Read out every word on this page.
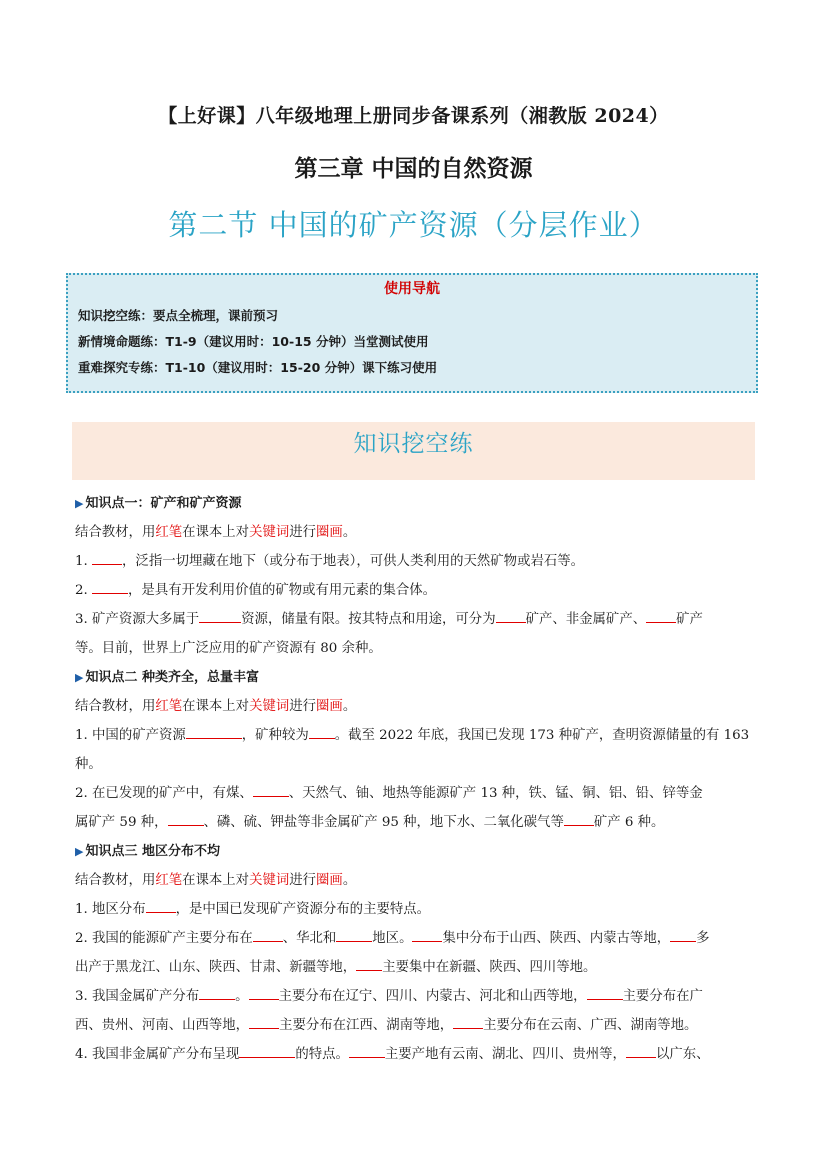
【上好课】八年级地理上册同步备课系列（湘教版 2024）
第三章 中国的自然资源
第二节 中国的矿产资源（分层作业）
使用导航
知识挖空练：要点全梳理，课前预习
新情境命题练：T1-9（建议用时：10-15 分钟）当堂测试使用
重难探究专练：T1-10（建议用时：15-20 分钟）课下练习使用
知识挖空练

▶ 知识点一：矿产和矿产资源

结合教材，用红笔在课本上对关键词进行圈画。

1.	，泛指一切埋藏在地下（或分布于地表），可供人类利用的天然矿物或岩石等。

2.	，是具有开发利用价值的矿物或有用元素的集合体。

3. 矿产资源大多属于	资源，储量有限。按其特点和用途，可分为 矿产、非金属矿产、 矿产

等。目前，世界上广泛应用的矿产资源有 80 余种。

▶ 知识点二 种类齐全，总量丰富

结合教材，用红笔在课本上对关键词进行圈画。

1. 中国的矿产资源	，矿种较为 。截至 2022 年底，我国已发现 173 种矿产，查明资源储量的有 163

种。

2. 在已发现的矿产中，有煤、	、天然气、铀、地热等能源矿产 13 种，铁、锰、铜、铝、铅、锌等金

属矿产 59 种，	、磷、硫、钾盐等非金属矿产 95 种，地下水、二氧化碳气等 矿产 6 种。

▶ 知识点三 地区分布不均

结合教材，用红笔在课本上对关键词进行圈画。

1. 地区分布 ，是中国已发现矿产资源分布的主要特点。

2. 我国的能源矿产主要分布在 、华北和	地区。 集中分布于山西、陕西、内蒙古等地， 多

出产于黑龙江、山东、陕西、甘肃、新疆等地， 主要集中在新疆、陕西、四川等地。

3. 我国金属矿产分布	。 主要分布在辽宁、四川、内蒙古、河北和山西等地，	主要分布在广

西、贵州、河南、山西等地， 主要分布在江西、湖南等地， 主要分布在云南、广西、湖南等地。

4. 我国非金属矿产分布呈现	的特点。	主要产地有云南、湖北、四川、贵州等， 以广东、
